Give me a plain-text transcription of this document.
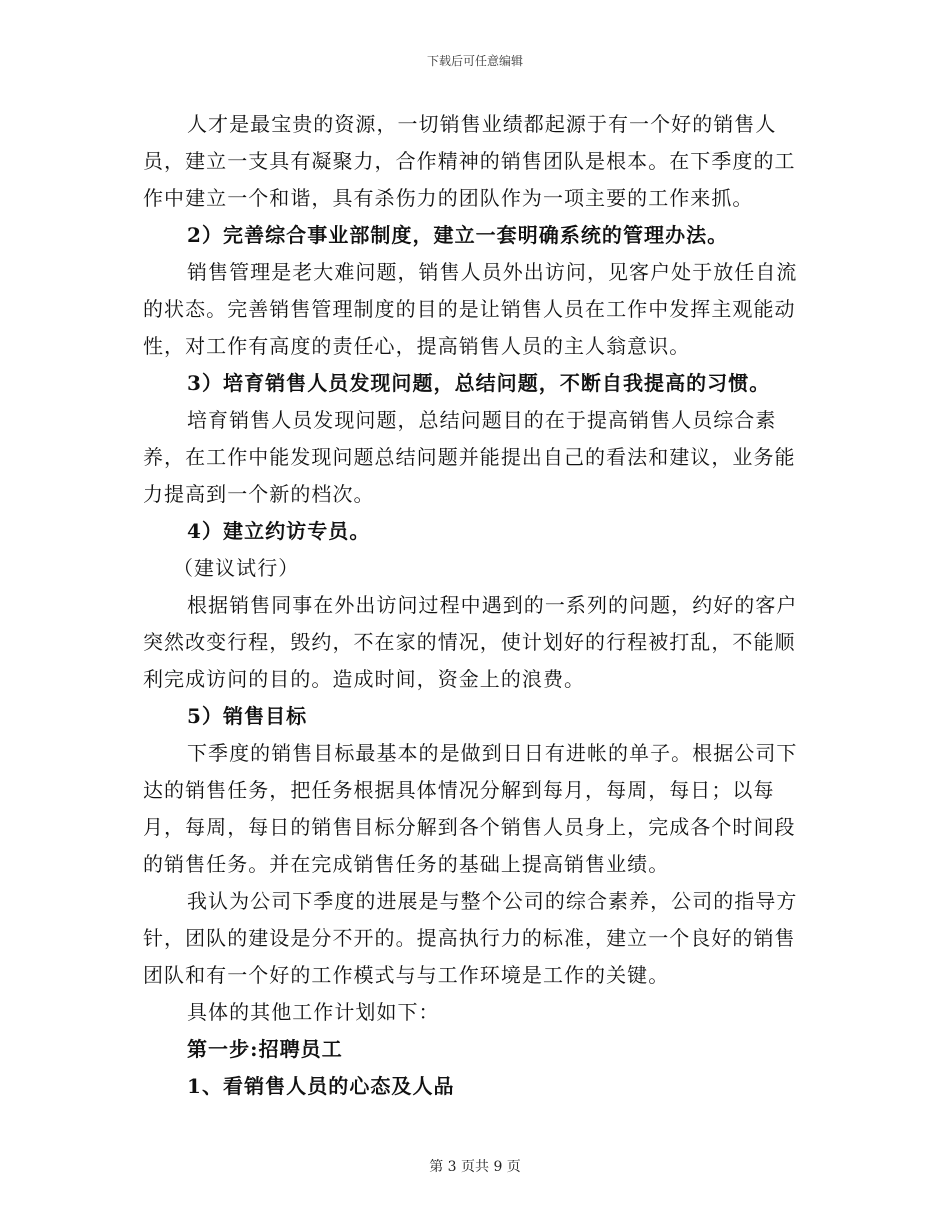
下载后可任意编辑

人才是最宝贵的资源，一切销售业绩都起源于有一个好的销售人员，建立一支具有凝聚力，合作精神的销售团队是根本。在下季度的工作中建立一个和谐，具有杀伤力的团队作为一项主要的工作来抓。

2）完善综合事业部制度，建立一套明确系统的管理办法。

销售管理是老大难问题，销售人员外出访问，见客户处于放任自流的状态。完善销售管理制度的目的是让销售人员在工作中发挥主观能动性，对工作有高度的责任心，提高销售人员的主人翁意识。

3）培育销售人员发现问题，总结问题，不断自我提高的习惯。

培育销售人员发现问题，总结问题目的在于提高销售人员综合素养，在工作中能发现问题总结问题并能提出自己的看法和建议，业务能力提高到一个新的档次。

4）建立约访专员。

（建议试行）

根据销售同事在外出访问过程中遇到的一系列的问题，约好的客户突然改变行程，毁约，不在家的情况，使计划好的行程被打乱，不能顺利完成访问的目的。造成时间，资金上的浪费。

5）销售目标

下季度的销售目标最基本的是做到日日有进帐的单子。根据公司下达的销售任务，把任务根据具体情况分解到每月，每周，每日；以每月，每周，每日的销售目标分解到各个销售人员身上，完成各个时间段的销售任务。并在完成销售任务的基础上提高销售业绩。

我认为公司下季度的进展是与整个公司的综合素养，公司的指导方针，团队的建设是分不开的。提高执行力的标准，建立一个良好的销售团队和有一个好的工作模式与与工作环境是工作的关键。

具体的其他工作计划如下：

第一步:招聘员工

1、看销售人员的心态及人品

第 3 页共 9 页
